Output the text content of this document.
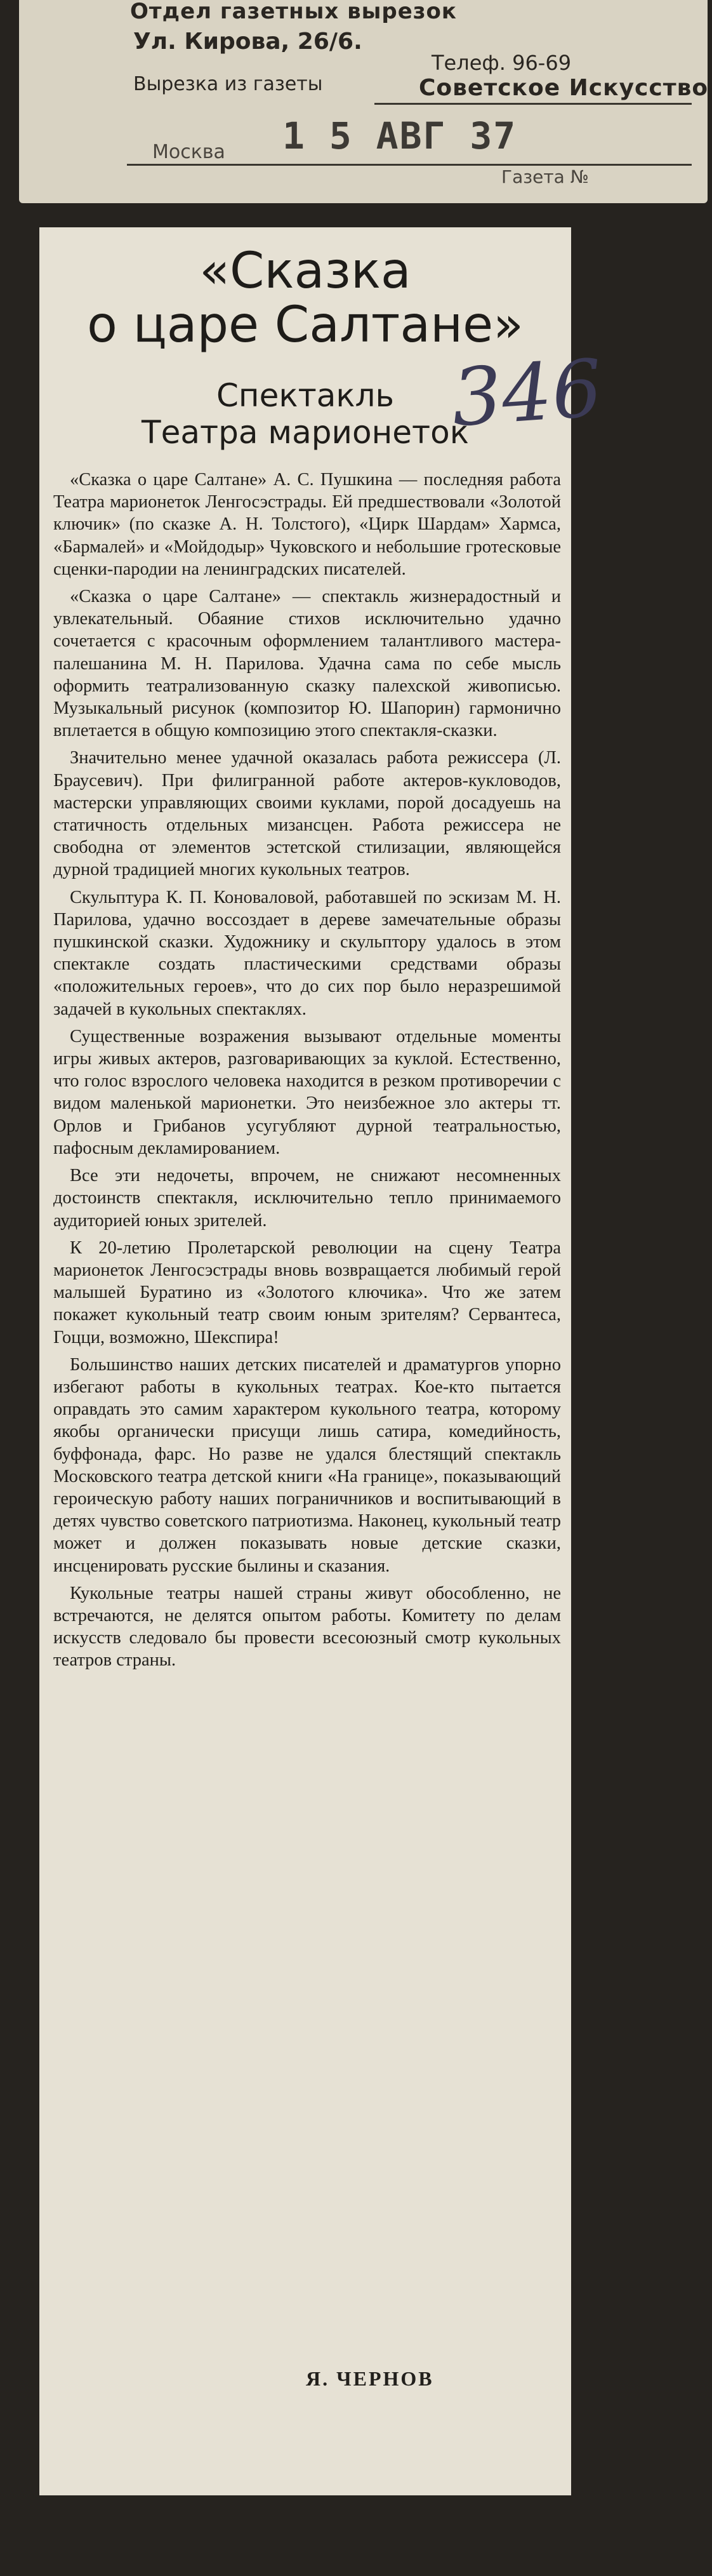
Отдел газетных вырезок
Ул. Кирова, 26/6.
Телеф. 96-69
Вырезка из газеты	Советское Искусство
Москва 1 5 АВГ 37
Газета №
«Сказка
о царе Салтане»
Спектакль
Театра марионеток
346

«Сказка о царе Салтане» А. С. Пушкина — последняя работа Театра марионеток Ленгосэстрады. Ей предшествовали «Золотой ключик» (по сказке А. Н. Толстого), «Цирк Шардам» Хармса, «Бармалей» и «Мойдодыр» Чуковского и небольшие гротесковые сценки-пародии на ленинградских писателей.

«Сказка о царе Салтане» — спектакль жизнерадостный и увлекательный. Обаяние стихов исключительно удачно сочетается с красочным оформлением талантливого мастера-палешанина М. Н. Парилова. Удачна сама по себе мысль оформить театрализованную сказку палехской живописью. Музыкальный рисунок (композитор Ю. Шапорин) гармонично вплетается в общую композицию этого спектакля-сказки.

Значительно менее удачной оказалась работа режиссера (Л. Браусевич). При филигранной работе актеров-кукловодов, мастерски управляющих своими куклами, порой досадуешь на статичность отдельных мизансцен. Работа режиссера не свободна от элементов эстетской стилизации, являющейся дурной традицией многих кукольных театров.

Скульптура К. П. Коноваловой, работавшей по эскизам М. Н. Парилова, удачно воссоздает в дереве замечательные образы пушкинской сказки. Художнику и скульптору удалось в этом спектакле создать пластическими средствами образы «положительных героев», что до сих пор было неразрешимой задачей в кукольных спектаклях.

Существенные возражения вызывают отдельные моменты игры живых актеров, разговаривающих за куклой. Естественно, что голос взрослого человека находится в резком противоречии с видом маленькой марионетки. Это неизбежное зло актеры тт. Орлов и Грибанов усугубляют дурной театральностью, пафосным декламированием.

Все эти недочеты, впрочем, не снижают несомненных достоинств спектакля, исключительно тепло принимаемого аудиторией юных зрителей.

К 20-летию Пролетарской революции на сцену Театра марионеток Ленгосэстрады вновь возвращается любимый герой малышей Буратино из «Золотого ключика». Что же затем покажет кукольный театр своим юным зрителям? Сервантеса, Гоцци, возможно, Шекспира!

Большинство наших детских писателей и драматургов упорно избегают работы в кукольных театрах. Кое-кто пытается оправдать это самим характером кукольного театра, которому якобы органически присущи лишь сатира, комедийность, буффонада, фарс. Но разве не удался блестящий спектакль Московского театра детской книги «На границе», показывающий героическую работу наших пограничников и воспитывающий в детях чувство советского патриотизма. Наконец, кукольный театр может и должен показывать новые детские сказки, инсценировать русские былины и сказания.

Кукольные театры нашей страны живут обособленно, не встречаются, не делятся опытом работы. Комитету по делам искусств следовало бы провести всесоюзный смотр кукольных театров страны.

Я. ЧЕРНОВ
